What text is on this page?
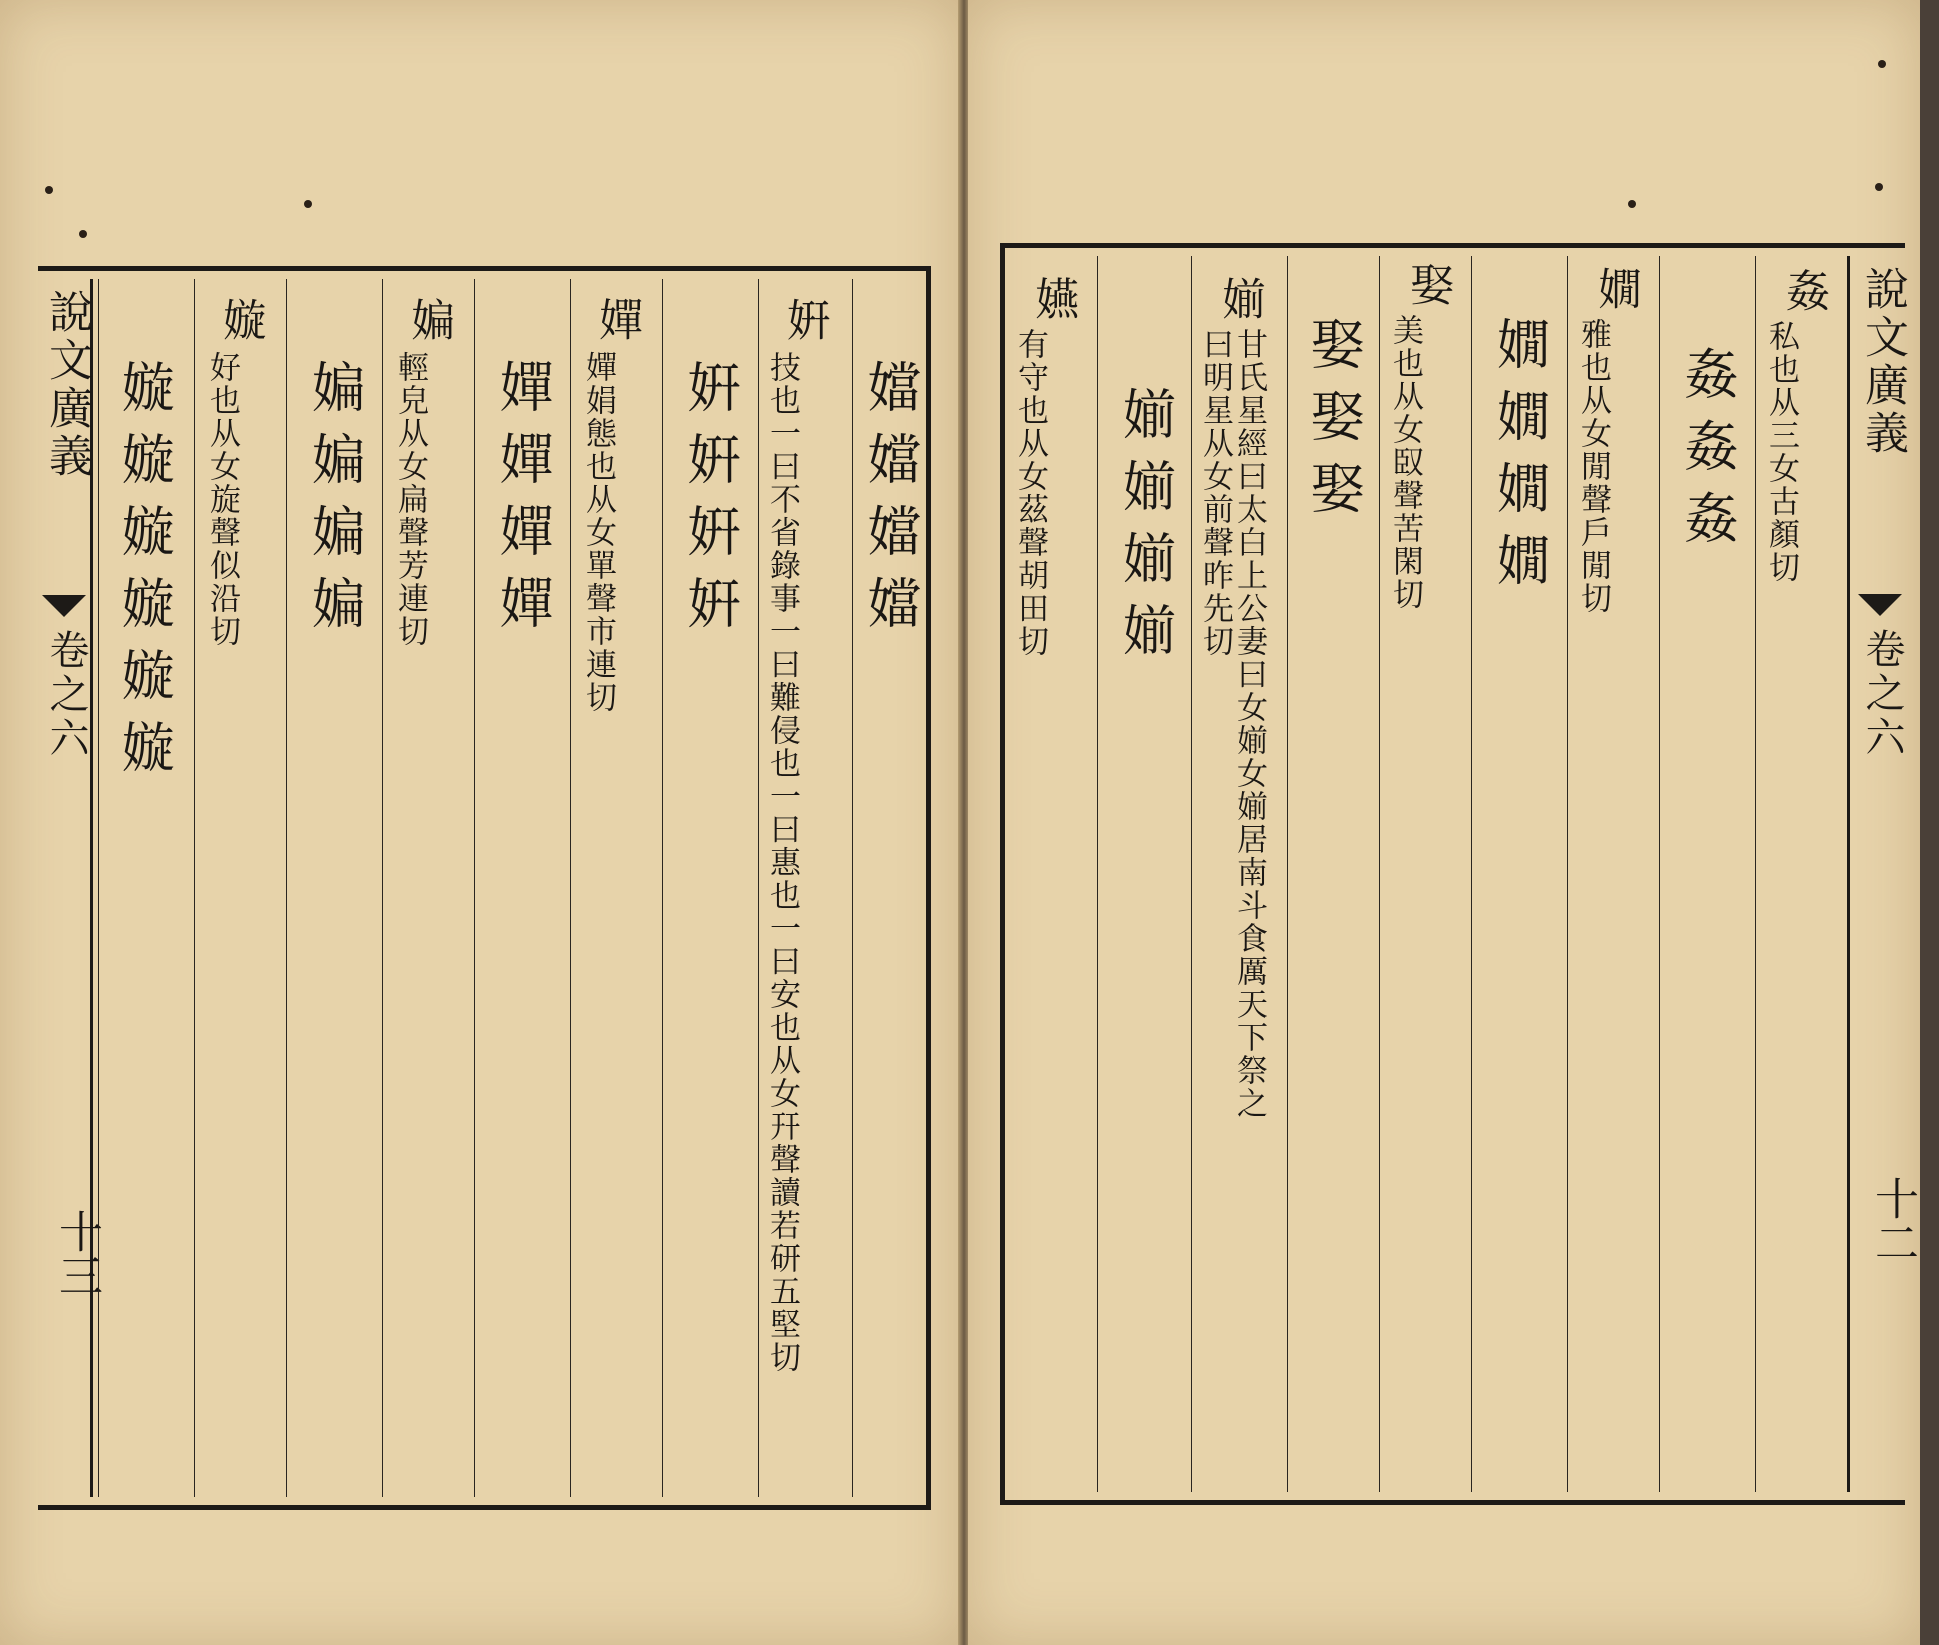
說文廣義
卷之六
十三
嫙嫙嫙嫙嫙嫙
嫙
好也从女旋聲似沿切 媥媥媥媥
媥
輕皃从女扁聲芳連切 嬋嬋嬋嬋
嬋
嬋娟態也从女單聲市連切 姸姸姸姸
姸
技也一曰不省錄事一曰難侵也一曰惠也一曰安也从女幵聲讀若研五堅切 㜭㜭㜭㜭
嬿
有守也从女茲聲胡田切 媊媊媊媊
媊
甘氏星經曰太白上公妻曰女媊女媊居南斗食厲天下祭之曰明星从女前聲昨先切	娶娶娶
娶
美也从女臤聲苦閑切 嫺嫺嫺嫺
嫺
雅也从女閒聲戶閒切 姦姦姦
姦
私也从三女古顏切 說文廣義
卷之六
十二
